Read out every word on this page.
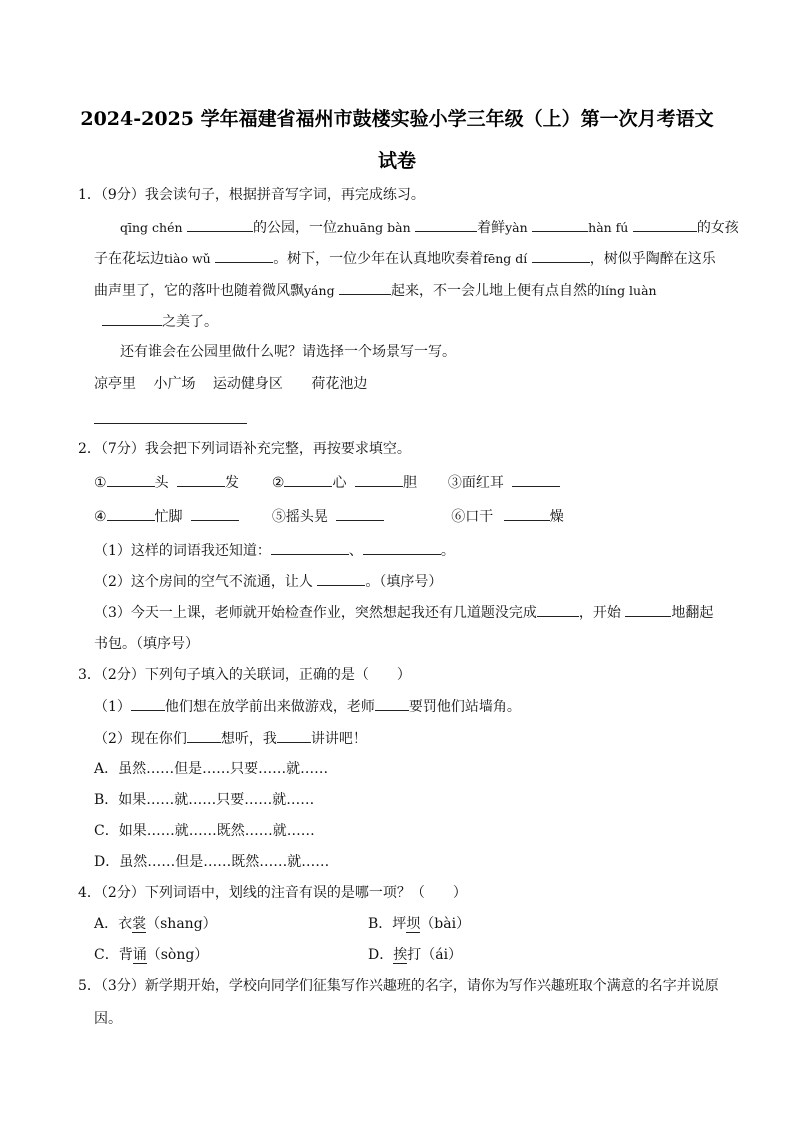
2024-2025 学年福建省福州市鼓楼实验小学三年级（上）第一次月考语文
试卷
1．（9分）我会读句子，根据拼音写字词，再完成练习。
qīng chén	的公园，一位zhuāng bàn	着鲜yàn	hàn fú	的女孩
子在花坛边tiào wǔ	。树下，一位少年在认真地吹奏着fēng dí	，树似乎陶醉在这乐
曲声里了，它的落叶也随着微风飘yáng	起来，不一会儿地上便有点自然的líng luàn
之美了。
还有谁会在公园里做什么呢？请选择一个场景写一写。
凉亭里 小广场 运动健身区 荷花池边
2．（7分）我会把下列词语补充完整，再按要求填空。
①	头	发 ②	心	胆 ③面红耳
④	忙脚	⑤摇头晃	⑥口干	燥
（1）这样的词语我还知道：	、	。
（2）这个房间的空气不流通，让人	。（填序号）
（3）今天一上课，老师就开始检查作业，突然想起我还有几道题没完成	，开始	地翻起
书包。（填序号）
3．（2分）下列句子填入的关联词，正确的是（　　）
（1） 他们想在放学前出来做游戏，老师 要罚他们站墙角。
（2）现在你们 想听，我 讲讲吧！
A．虽然……但是……只要……就……
B．如果……就……只要……就……
C．如果……就……既然……就……
D．虽然……但是……既然……就……
4．（2分）下列词语中，划线的注音有误的是哪一项？（　　）
A．衣裳（shang）	B．坪坝（bài）
C．背诵（sòng）	D．挨打（ái）
5．（3分）新学期开始，学校向同学们征集写作兴趣班的名字，请你为写作兴趣班取个满意的名字并说原
因。
